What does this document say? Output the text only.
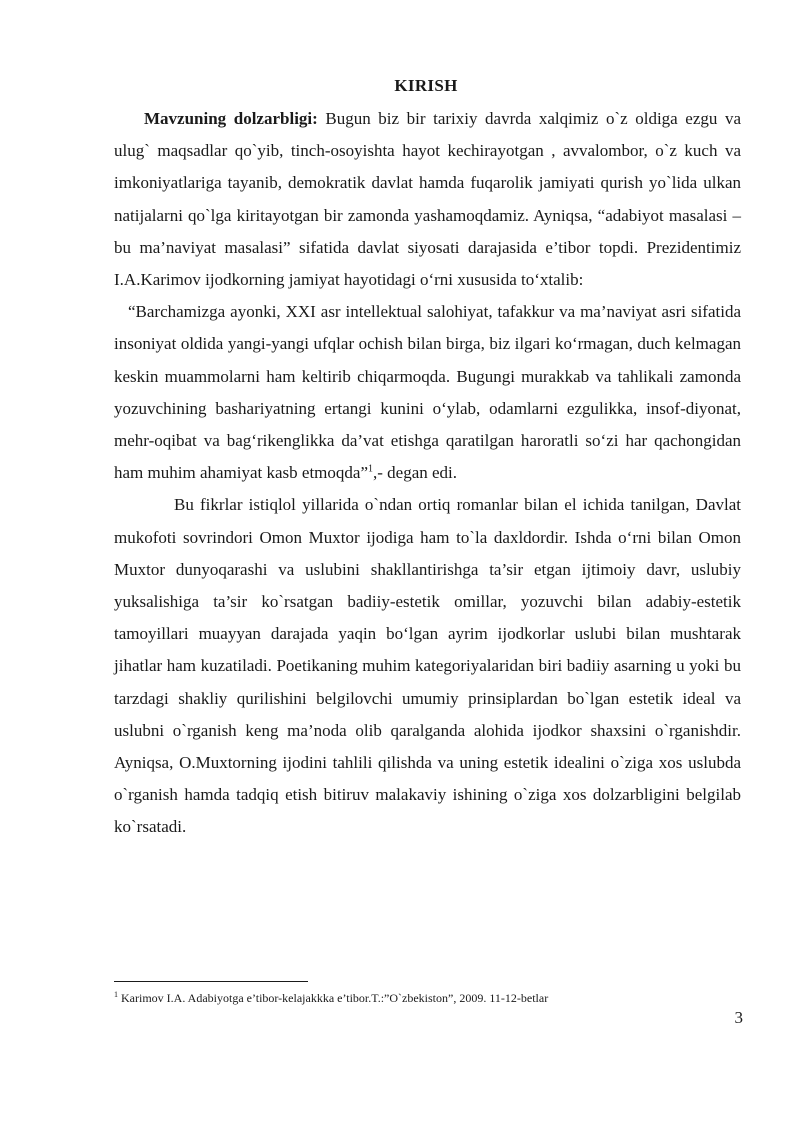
KIRISH

Mavzuning dolzarbligi: Bugun biz bir tarixiy davrda xalqimiz o`z oldiga ezgu va ulug` maqsadlar qo`yib, tinch-osoyishta hayot kechirayotgan , avvalombor, o`z kuch va imkoniyatlariga tayanib, demokratik davlat hamda fuqarolik jamiyati qurish yo`lida ulkan natijalarni qo`lga kiritayotgan bir zamonda yashamoqdamiz. Ayniqsa, “adabiyot masalasi – bu ma’naviyat masalasi” sifatida davlat siyosati darajasida e’tibor topdi. Prezidentimiz I.A.Karimov ijodkorning jamiyat hayotidagi o‘rni xususida to‘xtalib:

“Barchamizga ayonki, XXI asr intellektual salohiyat, tafakkur va ma’naviyat asri sifatida insoniyat oldida yangi-yangi ufqlar ochish bilan birga, biz ilgari ko‘rmagan, duch kelmagan keskin muammolarni ham keltirib chiqarmoqda. Bugungi murakkab va tahlikali zamonda yozuvchining bashariyatning ertangi kunini o‘ylab, odamlarni ezgulikka, insof-diyonat, mehr-oqibat va bag‘rikenglikka da’vat etishga qaratilgan haroratli so‘zi har qachongidan ham muhim ahamiyat kasb etmoqda”$^1$,- degan edi.

Bu fikrlar istiqlol yillarida o`ndan ortiq romanlar bilan el ichida tanilgan, Davlat mukofoti sovrindori Omon Muxtor ijodiga ham to`la daxldordir. Ishda o‘rni bilan Omon Muxtor dunyoqarashi va uslubini shakllantirishga ta’sir etgan ijtimoiy davr, uslubiy yuksalishiga ta’sir ko`rsatgan badiiy-estetik omillar, yozuvchi bilan adabiy-estetik tamoyillari muayyan darajada yaqin bo‘lgan ayrim ijodkorlar uslubi bilan mushtarak jihatlar ham kuzatiladi. Poetikaning muhim kategoriyalaridan biri badiiy asarning u yoki bu tarzdagi shakliy qurilishini belgilovchi umumiy prinsiplardan bo`lgan estetik ideal va uslubni o`rganish keng ma’noda olib qaralganda alohida ijodkor shaxsini o`rganishdir. Ayniqsa, O.Muxtorning ijodini tahlili qilishda va uning estetik idealini o`ziga xos uslubda o`rganish hamda tadqiq etish bitiruv malakaviy ishining o`ziga xos dolzarbligini belgilab ko`rsatadi.

$^1$ Karimov I.A. Adabiyotga e’tibor-kelajakkka e’tibor.T.:”O`zbekiston”, 2009. 11-12-betlar
3
